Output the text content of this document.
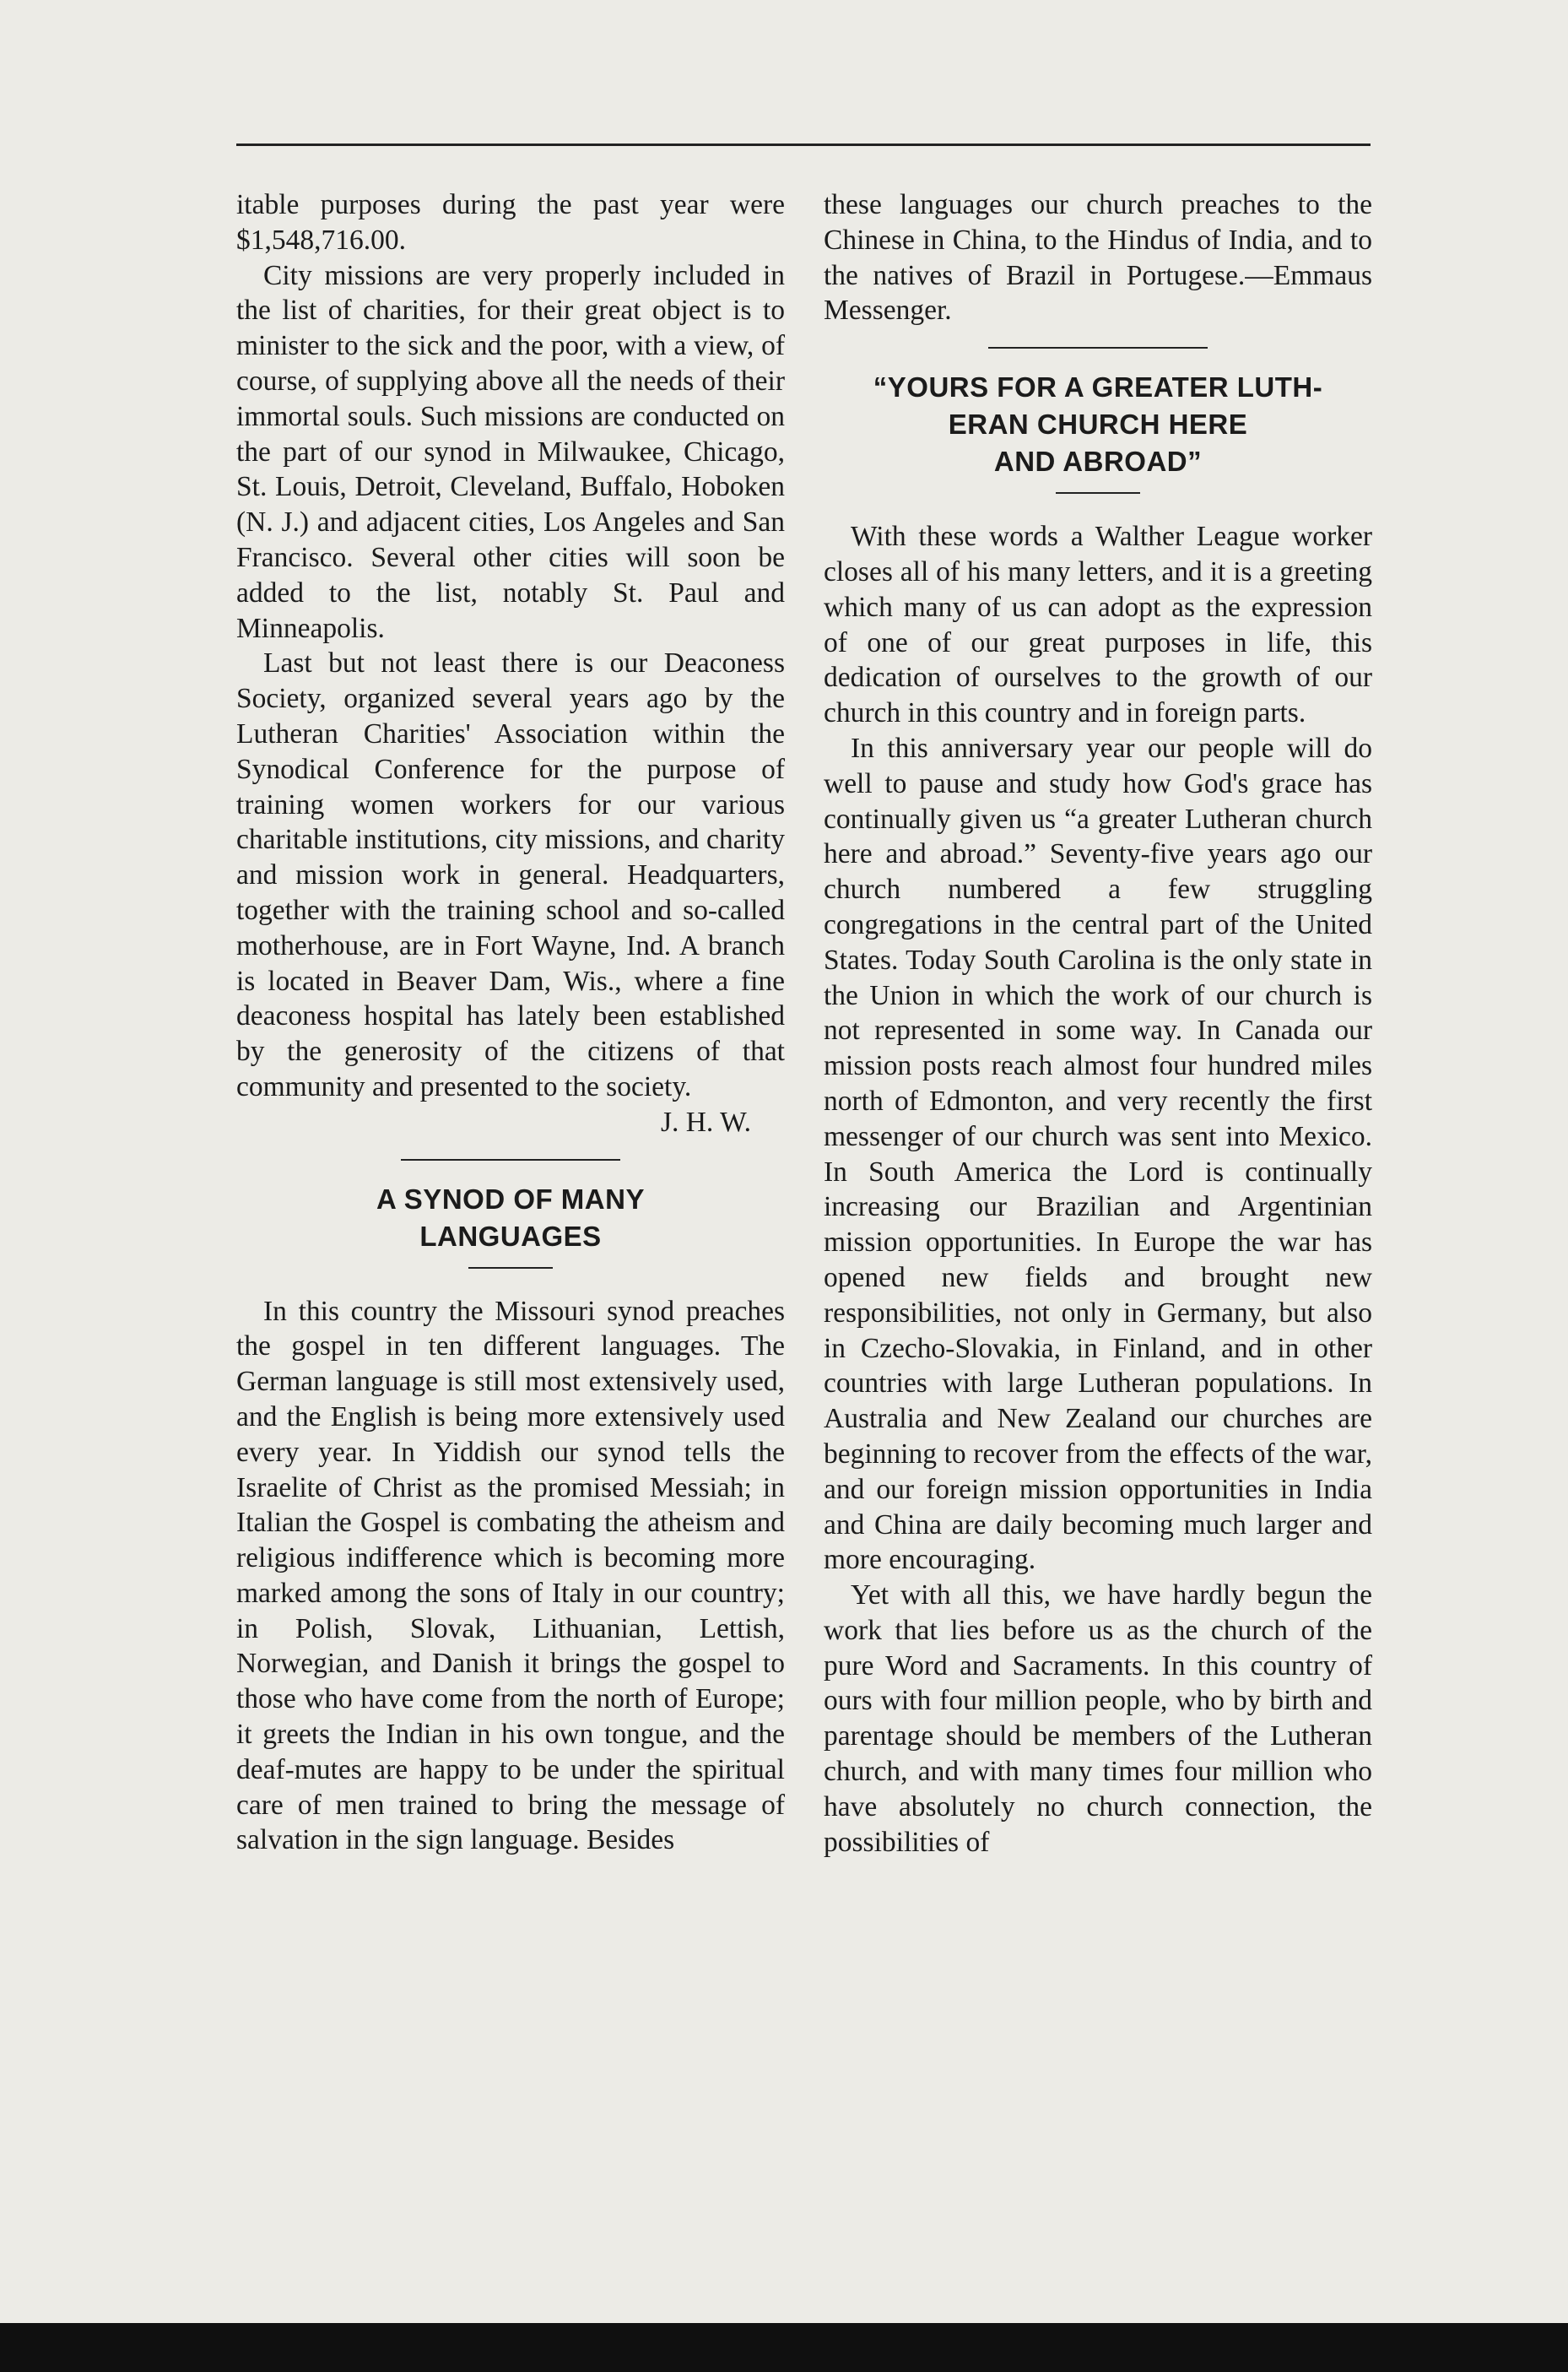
itable purposes during the past year were $1,548,716.00.

City missions are very properly included in the list of charities, for their great object is to minister to the sick and the poor, with a view, of course, of supplying above all the needs of their immortal souls. Such missions are conducted on the part of our synod in Milwaukee, Chicago, St. Louis, Detroit, Cleveland, Buffalo, Hoboken (N. J.) and adjacent cities, Los Angeles and San Francisco. Several other cities will soon be added to the list, notably St. Paul and Minneapolis.

Last but not least there is our Deaconess Society, organized several years ago by the Lutheran Charities' Association within the Synodical Conference for the purpose of training women workers for our various charitable institutions, city missions, and charity and mission work in general. Headquarters, together with the training school and so-called motherhouse, are in Fort Wayne, Ind. A branch is located in Beaver Dam, Wis., where a fine deaconess hospital has lately been established by the generosity of the citizens of that community and presented to the society.

J. H. W.

A SYNOD OF MANY
LANGUAGES

In this country the Missouri synod preaches the gospel in ten different languages. The German language is still most extensively used, and the English is being more extensively used every year. In Yiddish our synod tells the Israelite of Christ as the promised Messiah; in Italian the Gospel is combating the atheism and religious indifference which is becoming more marked among the sons of Italy in our country; in Polish, Slovak, Lithuanian, Lettish, Norwegian, and Danish it brings the gospel to those who have come from the north of Europe; it greets the Indian in his own tongue, and the deaf-mutes are happy to be under the spiritual care of men trained to bring the message of salvation in the sign language. Besides

these languages our church preaches to the Chinese in China, to the Hindus of India, and to the natives of Brazil in Portugese.—Emmaus Messenger.

“YOURS FOR A GREATER LUTH-
ERAN CHURCH HERE
AND ABROAD”

With these words a Walther League worker closes all of his many letters, and it is a greeting which many of us can adopt as the expression of one of our great purposes in life, this dedication of ourselves to the growth of our church in this country and in foreign parts.

In this anniversary year our people will do well to pause and study how God's grace has continually given us “a greater Lutheran church here and abroad.” Seventy-five years ago our church numbered a few struggling congregations in the central part of the United States. Today South Carolina is the only state in the Union in which the work of our church is not represented in some way. In Canada our mission posts reach almost four hundred miles north of Edmonton, and very recently the first messenger of our church was sent into Mexico. In South America the Lord is continually increasing our Brazilian and Argentinian mission opportunities. In Europe the war has opened new fields and brought new responsibilities, not only in Germany, but also in Czecho-Slovakia, in Finland, and in other countries with large Lutheran populations. In Australia and New Zealand our churches are beginning to recover from the effects of the war, and our foreign mission opportunities in India and China are daily becoming much larger and more encouraging.

Yet with all this, we have hardly begun the work that lies before us as the church of the pure Word and Sacraments. In this country of ours with four million people, who by birth and parentage should be members of the Lutheran church, and with many times four million who have absolutely no church connection, the possibilities of
